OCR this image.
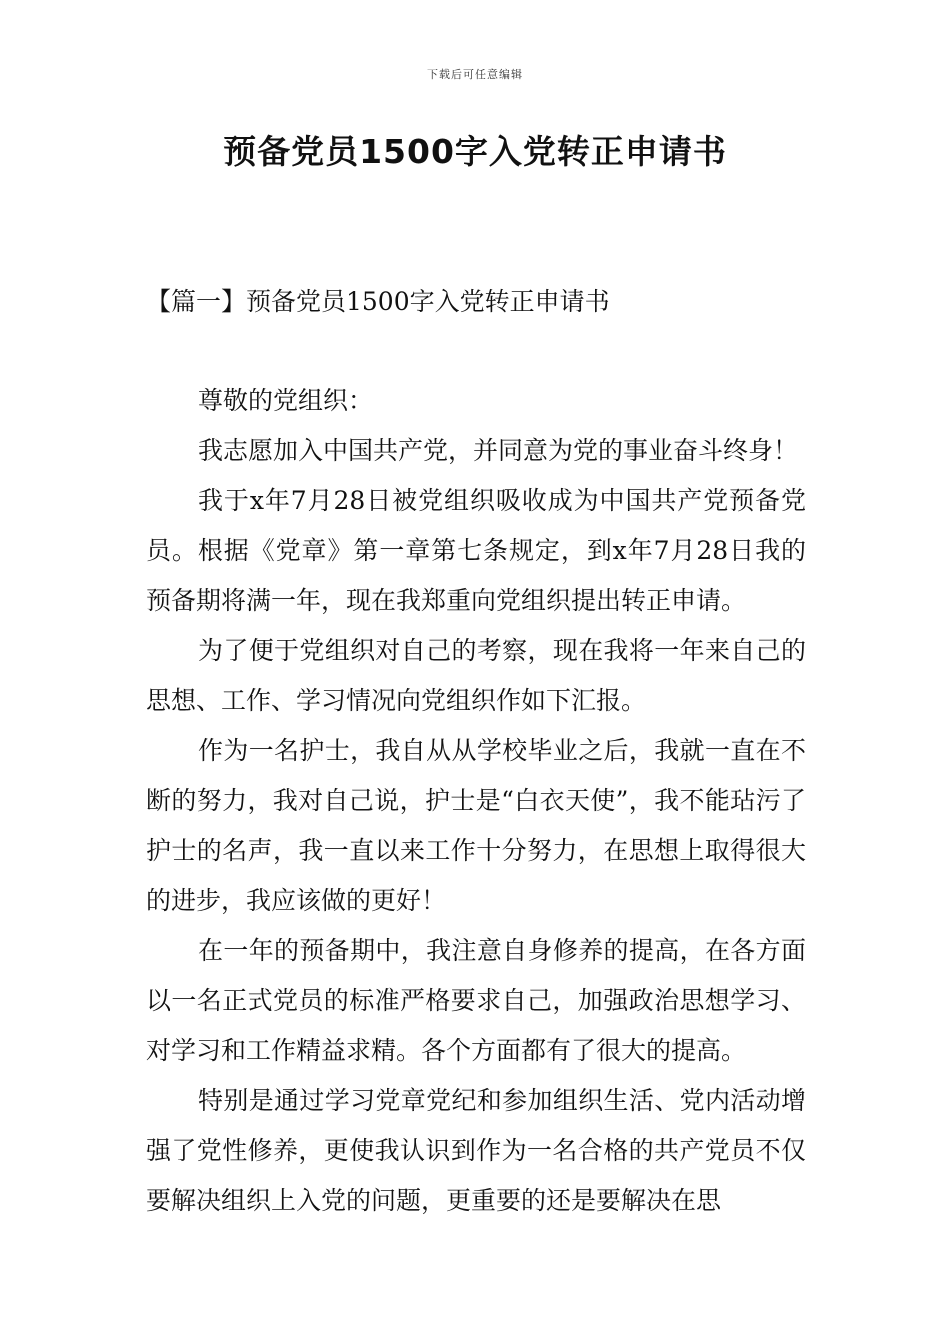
下载后可任意编辑
预备党员1500字入党转正申请书
【篇一】预备党员1500字入党转正申请书

尊敬的党组织：

我志愿加入中国共产党，并同意为党的事业奋斗终身！

我于x年7月28日被党组织吸收成为中国共产党预备党员。根据《党章》第一章第七条规定，到x年7月28日我的预备期将满一年，现在我郑重向党组织提出转正申请。

为了便于党组织对自己的考察，现在我将一年来自己的思想、工作、学习情况向党组织作如下汇报。

作为一名护士，我自从从学校毕业之后，我就一直在不断的努力，我对自己说，护士是“白衣天使”，我不能玷污了护士的名声，我一直以来工作十分努力，在思想上取得很大的进步，我应该做的更好！

在一年的预备期中，我注意自身修养的提高，在各方面以一名正式党员的标准严格要求自己，加强政治思想学习、对学习和工作精益求精。各个方面都有了很大的提高。

特别是通过学习党章党纪和参加组织生活、党内活动增强了党性修养，更使我认识到作为一名合格的共产党员不仅要解决组织上入党的问题，更重要的还是要解决在思
